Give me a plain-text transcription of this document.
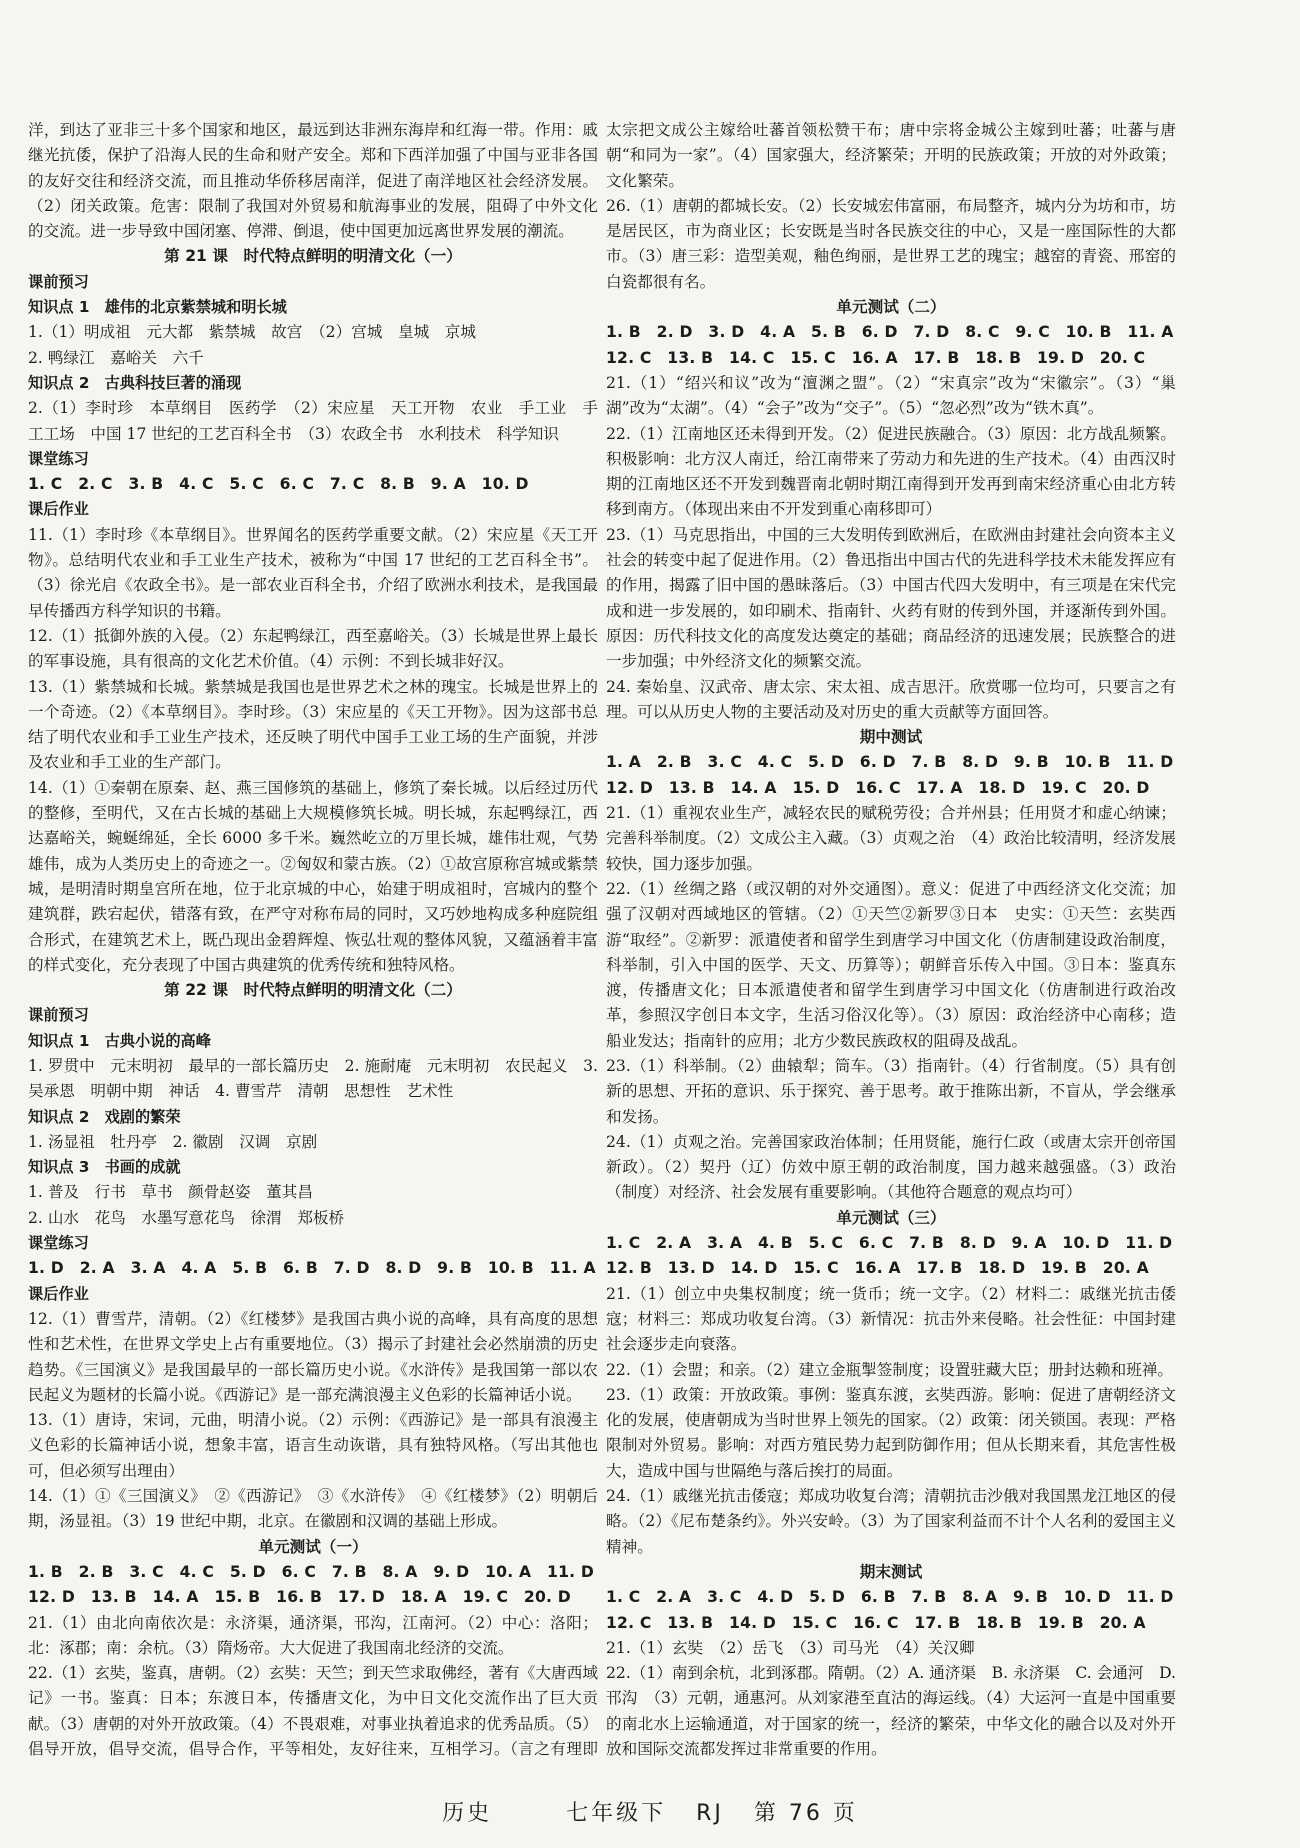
洋，到达了亚非三十多个国家和地区，最远到达非洲东海岸和红海一带。作用：戚继光抗倭，保护了沿海人民的生命和财产安全。郑和下西洋加强了中国与亚非各国的友好交往和经济交流，而且推动华侨移居南洋，促进了南洋地区社会经济发展。（2）闭关政策。危害：限制了我国对外贸易和航海事业的发展，阻碍了中外文化的交流。进一步导致中国闭塞、停滞、倒退，使中国更加远离世界发展的潮流。

第 21 课　时代特点鲜明的明清文化（一）

课前预习

知识点 1　雄伟的北京紫禁城和明长城

1.（1）明成祖　元大都　紫禁城　故宫　（2）宫城　皇城　京城

2. 鸭绿江　嘉峪关　六千

知识点 2　古典科技巨著的涌现

2.（1）李时珍　本草纲目　医药学　（2）宋应星　天工开物　农业　手工业　手工工场　中国 17 世纪的工艺百科全书　（3）农政全书　水利技术　科学知识

课堂练习

1. C　2. C　3. B　4. C　5. C　6. C　7. C　8. B　9. A　10. D

课后作业

11.（1）李时珍《本草纲目》。世界闻名的医药学重要文献。（2）宋应星《天工开物》。总结明代农业和手工业生产技术，被称为“中国 17 世纪的工艺百科全书”。（3）徐光启《农政全书》。是一部农业百科全书，介绍了欧洲水利技术，是我国最早传播西方科学知识的书籍。

12.（1）抵御外族的入侵。（2）东起鸭绿江，西至嘉峪关。（3）长城是世界上最长的军事设施，具有很高的文化艺术价值。（4）示例：不到长城非好汉。

13.（1）紫禁城和长城。紫禁城是我国也是世界艺术之林的瑰宝。长城是世界上的一个奇迹。（2）《本草纲目》。李时珍。（3）宋应星的《天工开物》。因为这部书总结了明代农业和手工业生产技术，还反映了明代中国手工业工场的生产面貌，并涉及农业和手工业的生产部门。

14.（1）①秦朝在原秦、赵、燕三国修筑的基础上，修筑了秦长城。以后经过历代的整修，至明代，又在古长城的基础上大规模修筑长城。明长城，东起鸭绿江，西达嘉峪关，蜿蜒绵延，全长 6000 多千米。巍然屹立的万里长城，雄伟壮观，气势雄伟，成为人类历史上的奇迹之一。②匈奴和蒙古族。（2）①故宫原称宫城或紫禁城，是明清时期皇宫所在地，位于北京城的中心，始建于明成祖时，宫城内的整个建筑群，跌宕起伏，错落有致，在严守对称布局的同时，又巧妙地构成多种庭院组合形式，在建筑艺术上，既凸现出金碧辉煌、恢弘壮观的整体风貌，又蕴涵着丰富的样式变化，充分表现了中国古典建筑的优秀传统和独特风格。

第 22 课　时代特点鲜明的明清文化（二）

课前预习

知识点 1　古典小说的高峰

1. 罗贯中　元末明初　最早的一部长篇历史　2. 施耐庵　元末明初　农民起义　3. 吴承恩　明朝中期　神话　4. 曹雪芹　清朝　思想性　艺术性

知识点 2　戏剧的繁荣

1. 汤显祖　牡丹亭　2. 徽剧　汉调　京剧

知识点 3　书画的成就

1. 普及　行书　草书　颜骨赵姿　董其昌

2. 山水　花鸟　水墨写意花鸟　徐渭　郑板桥

课堂练习

1. D　2. A　3. A　4. A　5. B　6. B　7. D　8. D　9. B　10. B　11. A

课后作业

12.（1）曹雪芹，清朝。（2）《红楼梦》是我国古典小说的高峰，具有高度的思想性和艺术性，在世界文学史上占有重要地位。（3）揭示了封建社会必然崩溃的历史趋势。《三国演义》是我国最早的一部长篇历史小说。《水浒传》是我国第一部以农民起义为题材的长篇小说。《西游记》是一部充满浪漫主义色彩的长篇神话小说。

13.（1）唐诗，宋词，元曲，明清小说。（2）示例：《西游记》是一部具有浪漫主义色彩的长篇神话小说，想象丰富，语言生动诙谐，具有独特风格。（写出其他也可，但必须写出理由）

14.（1）①《三国演义》　②《西游记》　③《水浒传》　④《红楼梦》（2）明朝后期，汤显祖。（3）19 世纪中期，北京。在徽剧和汉调的基础上形成。

单元测试（一）

1. B　2. B　3. C　4. C　5. D　6. C　7. B　8. A　9. D　10. A　11. D

12. D　13. B　14. A　15. B　16. B　17. D　18. A　19. C　20. D

21.（1）由北向南依次是：永济渠，通济渠，邗沟，江南河。（2）中心：洛阳；北：涿郡；南：余杭。（3）隋炀帝。大大促进了我国南北经济的交流。

22.（1）玄奘，鉴真，唐朝。（2）玄奘：天竺；到天竺求取佛经，著有《大唐西域记》一书。鉴真：日本；东渡日本，传播唐文化，为中日文化交流作出了巨大贡献。（3）唐朝的对外开放政策。（4）不畏艰难，对事业执着追求的优秀品质。（5）倡导开放，倡导交流，倡导合作，平等相处，友好往来，互相学习。（言之有理即

太宗把文成公主嫁给吐蕃首领松赞干布；唐中宗将金城公主嫁到吐蕃；吐蕃与唐朝“和同为一家”。（4）国家强大，经济繁荣；开明的民族政策；开放的对外政策；文化繁荣。

26.（1）唐朝的都城长安。（2）长安城宏伟富丽，布局整齐，城内分为坊和市，坊是居民区，市为商业区；长安既是当时各民族交往的中心，又是一座国际性的大都市。（3）唐三彩：造型美观，釉色绚丽，是世界工艺的瑰宝；越窑的青瓷、邢窑的白瓷都很有名。

单元测试（二）

1. B　2. D　3. D　4. A　5. B　6. D　7. D　8. C　9. C　10. B　11. A

12. C　13. B　14. C　15. C　16. A　17. B　18. B　19. D　20. C

21.（1）“绍兴和议”改为“澶渊之盟”。（2）“宋真宗”改为“宋徽宗”。（3）“巢湖”改为“太湖”。（4）“会子”改为“交子”。（5）“忽必烈”改为“铁木真”。

22.（1）江南地区还未得到开发。（2）促进民族融合。（3）原因：北方战乱频繁。积极影响：北方汉人南迁，给江南带来了劳动力和先进的生产技术。（4）由西汉时期的江南地区还不开发到魏晋南北朝时期江南得到开发再到南宋经济重心由北方转移到南方。（体现出来由不开发到重心南移即可）

23.（1）马克思指出，中国的三大发明传到欧洲后，在欧洲由封建社会向资本主义社会的转变中起了促进作用。（2）鲁迅指出中国古代的先进科学技术未能发挥应有的作用，揭露了旧中国的愚昧落后。（3）中国古代四大发明中，有三项是在宋代完成和进一步发展的，如印刷术、指南针、火药有财的传到外国，并逐渐传到外国。原因：历代科技文化的高度发达奠定的基础；商品经济的迅速发展；民族整合的进一步加强；中外经济文化的频繁交流。

24. 秦始皇、汉武帝、唐太宗、宋太祖、成吉思汗。欣赏哪一位均可，只要言之有理。可以从历史人物的主要活动及对历史的重大贡献等方面回答。

期中测试

1. A　2. B　3. C　4. C　5. D　6. D　7. B　8. D　9. B　10. B　11. D

12. D　13. B　14. A　15. D　16. C　17. A　18. D　19. C　20. D

21.（1）重视农业生产，减轻农民的赋税劳役；合并州县；任用贤才和虚心纳谏；完善科举制度。（2）文成公主入藏。（3）贞观之治　（4）政治比较清明，经济发展较快，国力逐步加强。

22.（1）丝绸之路（或汉朝的对外交通图）。意义：促进了中西经济文化交流；加强了汉朝对西域地区的管辖。（2）①天竺②新罗③日本　史实：①天竺：玄奘西游“取经”。②新罗：派遣使者和留学生到唐学习中国文化（仿唐制建设政治制度，科举制，引入中国的医学、天文、历算等）；朝鲜音乐传入中国。③日本：鉴真东渡，传播唐文化；日本派遣使者和留学生到唐学习中国文化（仿唐制进行政治改革，参照汉字创日本文字，生活习俗汉化等）。（3）原因：政治经济中心南移；造船业发达；指南针的应用；北方少数民族政权的阻碍及战乱。

23.（1）科举制。（2）曲辕犁；筒车。（3）指南针。（4）行省制度。（5）具有创新的思想、开拓的意识、乐于探究、善于思考。敢于推陈出新，不盲从，学会继承和发扬。

24.（1）贞观之治。完善国家政治体制；任用贤能，施行仁政（或唐太宗开创帝国新政）。（2）契丹（辽）仿效中原王朝的政治制度，国力越来越强盛。（3）政治（制度）对经济、社会发展有重要影响。（其他符合题意的观点均可）

单元测试（三）

1. C　2. A　3. A　4. B　5. C　6. C　7. B　8. D　9. A　10. D　11. D

12. B　13. D　14. D　15. C　16. A　17. B　18. D　19. B　20. A

21.（1）创立中央集权制度；统一货币；统一文字。（2）材料二：戚继光抗击倭寇；材料三：郑成功收复台湾。（3）新情况：抗击外来侵略。社会性征：中国封建社会逐步走向衰落。

22.（1）会盟；和亲。（2）建立金瓶掣签制度；设置驻藏大臣；册封达赖和班禅。

23.（1）政策：开放政策。事例：鉴真东渡，玄奘西游。影响：促进了唐朝经济文化的发展，使唐朝成为当时世界上领先的国家。（2）政策：闭关锁国。表现：严格限制对外贸易。影响：对西方殖民势力起到防御作用；但从长期来看，其危害性极大，造成中国与世隔绝与落后挨打的局面。

24.（1）戚继光抗击倭寇；郑成功收复台湾；清朝抗击沙俄对我国黑龙江地区的侵略。（2）《尼布楚条约》。外兴安岭。（3）为了国家利益而不计个人名利的爱国主义精神。

期末测试

1. C　2. A　3. C　4. D　5. D　6. B　7. B　8. A　9. B　10. D　11. D

12. C　13. B　14. D　15. C　16. C　17. B　18. B　19. B　20. A

21.（1）玄奘　（2）岳飞　（3）司马光　（4）关汉卿

22.（1）南到余杭，北到涿郡。隋朝。（2）A. 通济渠　B. 永济渠　C. 会通河　D. 邗沟　（3）元朝，通惠河。从刘家港至直沽的海运线。（4）大运河一直是中国重要的南北水上运输通道，对于国家的统一，经济的繁荣，中华文化的融合以及对外开放和国际交流都发挥过非常重要的作用。

历史	七年级下 RJ 第 76 页
